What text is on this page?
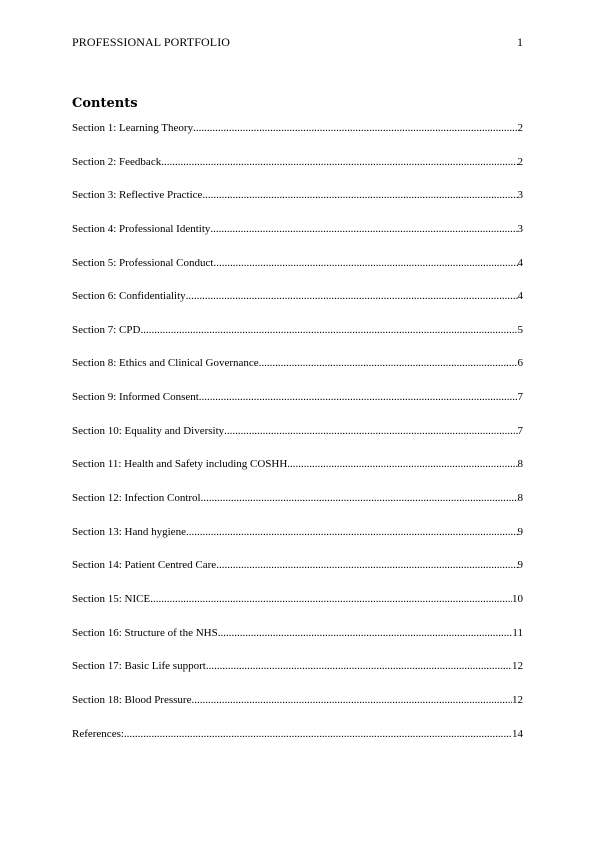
PROFESSIONAL PORTFOLIO	1
Contents
Section 1: Learning Theory .....	2
Section 2: Feedback .....	2
Section 3: Reflective Practice .....	3
Section 4: Professional Identity .....	3
Section 5: Professional Conduct .....	4
Section 6: Confidentiality .....	4
Section 7: CPD .....	5
Section 8: Ethics and Clinical Governance .....	6
Section 9: Informed Consent .....	7
Section 10: Equality and Diversity .....	7
Section 11: Health and Safety including COSHH .....	8
Section 12: Infection Control .....	8
Section 13: Hand hygiene .....	9
Section 14: Patient Centred Care .....	9
Section 15: NICE .....	10
Section 16: Structure of the NHS .....	11
Section 17: Basic Life support .....	12
Section 18: Blood Pressure .....	12
References: .....	14
